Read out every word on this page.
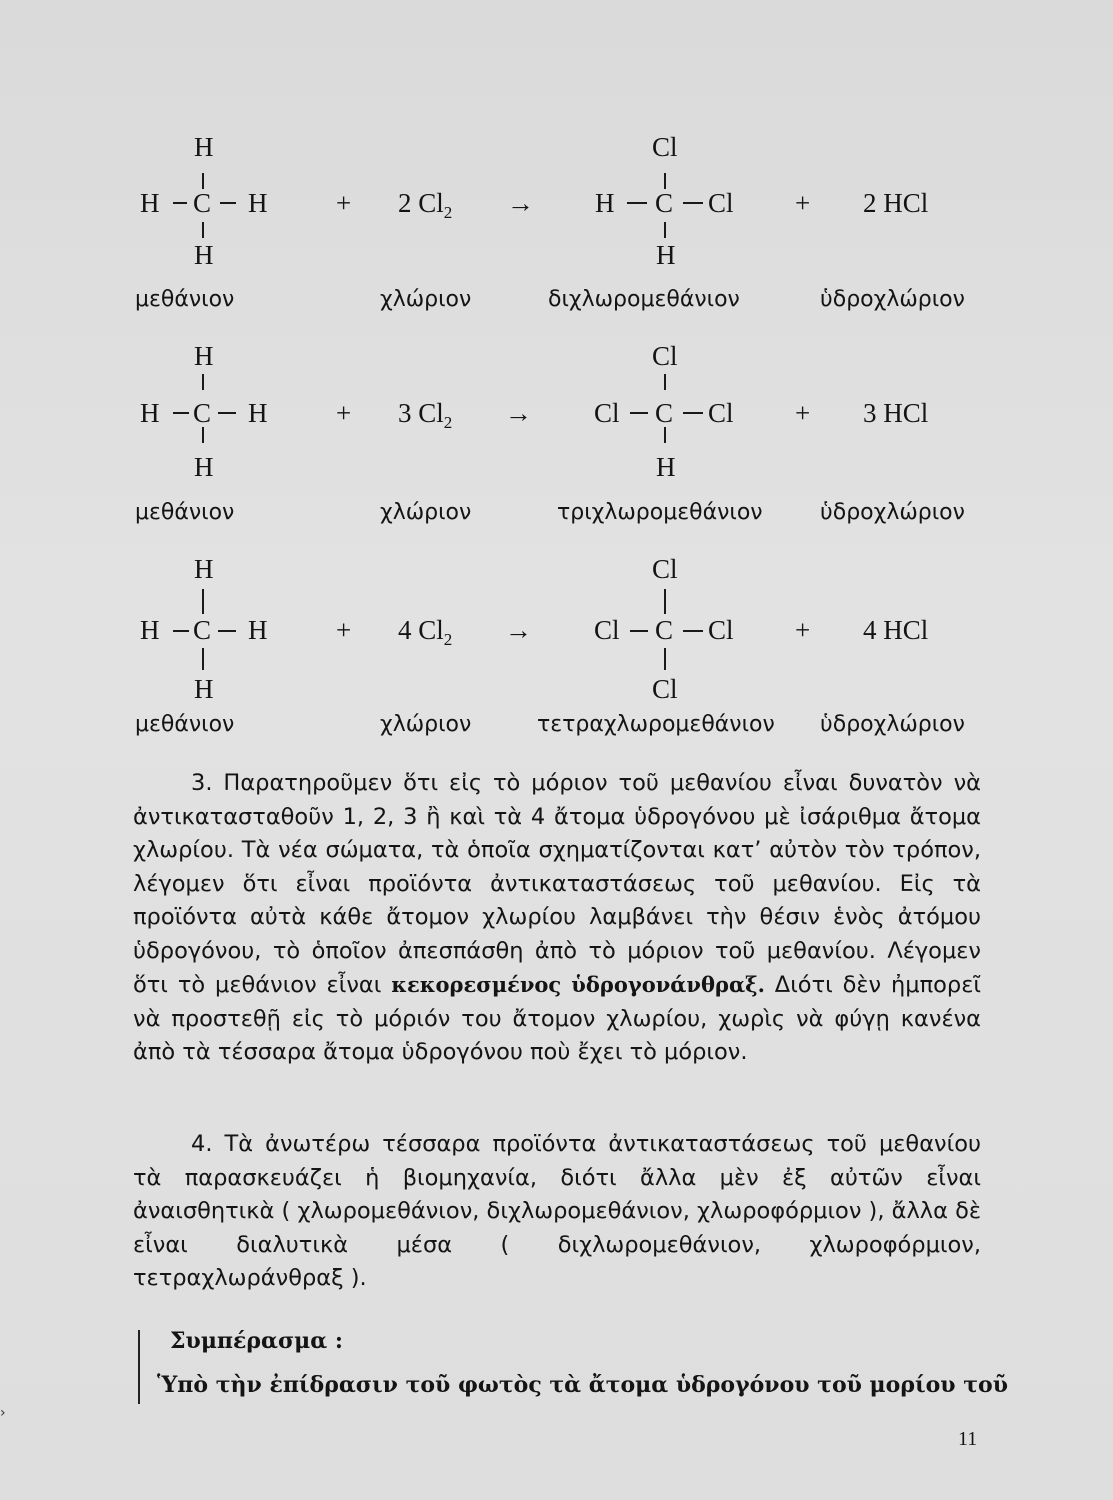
H
H C H
H
+ 2 $Cl_2$ →
Cl
H C Cl
H
+ 2 HCl
μεθάνιον	χλώριον	διχλωρομεθάνιον	ὑδροχλώριον
H
H C H
H
+ 3 $Cl_2$ →
Cl
Cl C Cl
H
+ 3 HCl
μεθάνιον	χλώριον	τριχλωρομεθάνιον	ὑδροχλώριον
H
H C H
H
+ 4 $Cl_2$ →
Cl
Cl C Cl
Cl
+ 4 HCl
μεθάνιον	χλώριον	τετραχλωρομεθάνιον ὑδροχλώριον

3. Παρατηροῦμεν ὅτι εἰς τὸ μόριον τοῦ μεθανίου εἶναι δυνατὸν νὰ ἀντικατασταθοῦν 1, 2, 3 ἢ καὶ τὰ 4 ἄτομα ὑδρογόνου μὲ ἰσάριθμα ἄτομα χλωρίου. Τὰ νέα σώματα, τὰ ὁποῖα σχηματίζονται κατ’ αὐτὸν τὸν τρόπον, λέγομεν ὅτι εἶναι προϊόντα ἀντικαταστάσεως τοῦ μεθανίου. Εἰς τὰ προϊόντα αὐτὰ κάθε ἄτομον χλωρίου λαμβάνει τὴν θέσιν ἑνὸς ἀτόμου ὑδρογόνου, τὸ ὁποῖον ἀπεσπάσθη ἀπὸ τὸ μόριον τοῦ μεθανίου. Λέγομεν ὅτι τὸ μεθάνιον εἶναι κεκορεσμένος ὑδρογονάνθραξ. Διότι δὲν ἠμπορεῖ νὰ προστεθῇ εἰς τὸ μόριόν του ἄτομον χλωρίου, χωρὶς νὰ φύγῃ κανένα ἀπὸ τὰ τέσσαρα ἄτομα ὑδρογόνου ποὺ ἔχει τὸ μόριον.

4. Τὰ ἀνωτέρω τέσσαρα προϊόντα ἀντικαταστάσεως τοῦ μεθανίου τὰ παρασκευάζει ἡ βιομηχανία, διότι ἄλλα μὲν ἐξ αὐτῶν εἶναι ἀναισθητικὰ ( χλωρομεθάνιον, διχλωρομεθάνιον, χλωροφόρμιον ), ἄλλα δὲ εἶναι διαλυτικὰ μέσα ( διχλωρομεθάνιον, χλωροφόρμιον, τετραχλωράνθραξ ).

Συμπέρασμα :
Ὑπὸ τὴν ἐπίδρασιν τοῦ φωτὸς τὰ ἄτομα ὑδρογόνου τοῦ μορίου τοῦ
11
›
